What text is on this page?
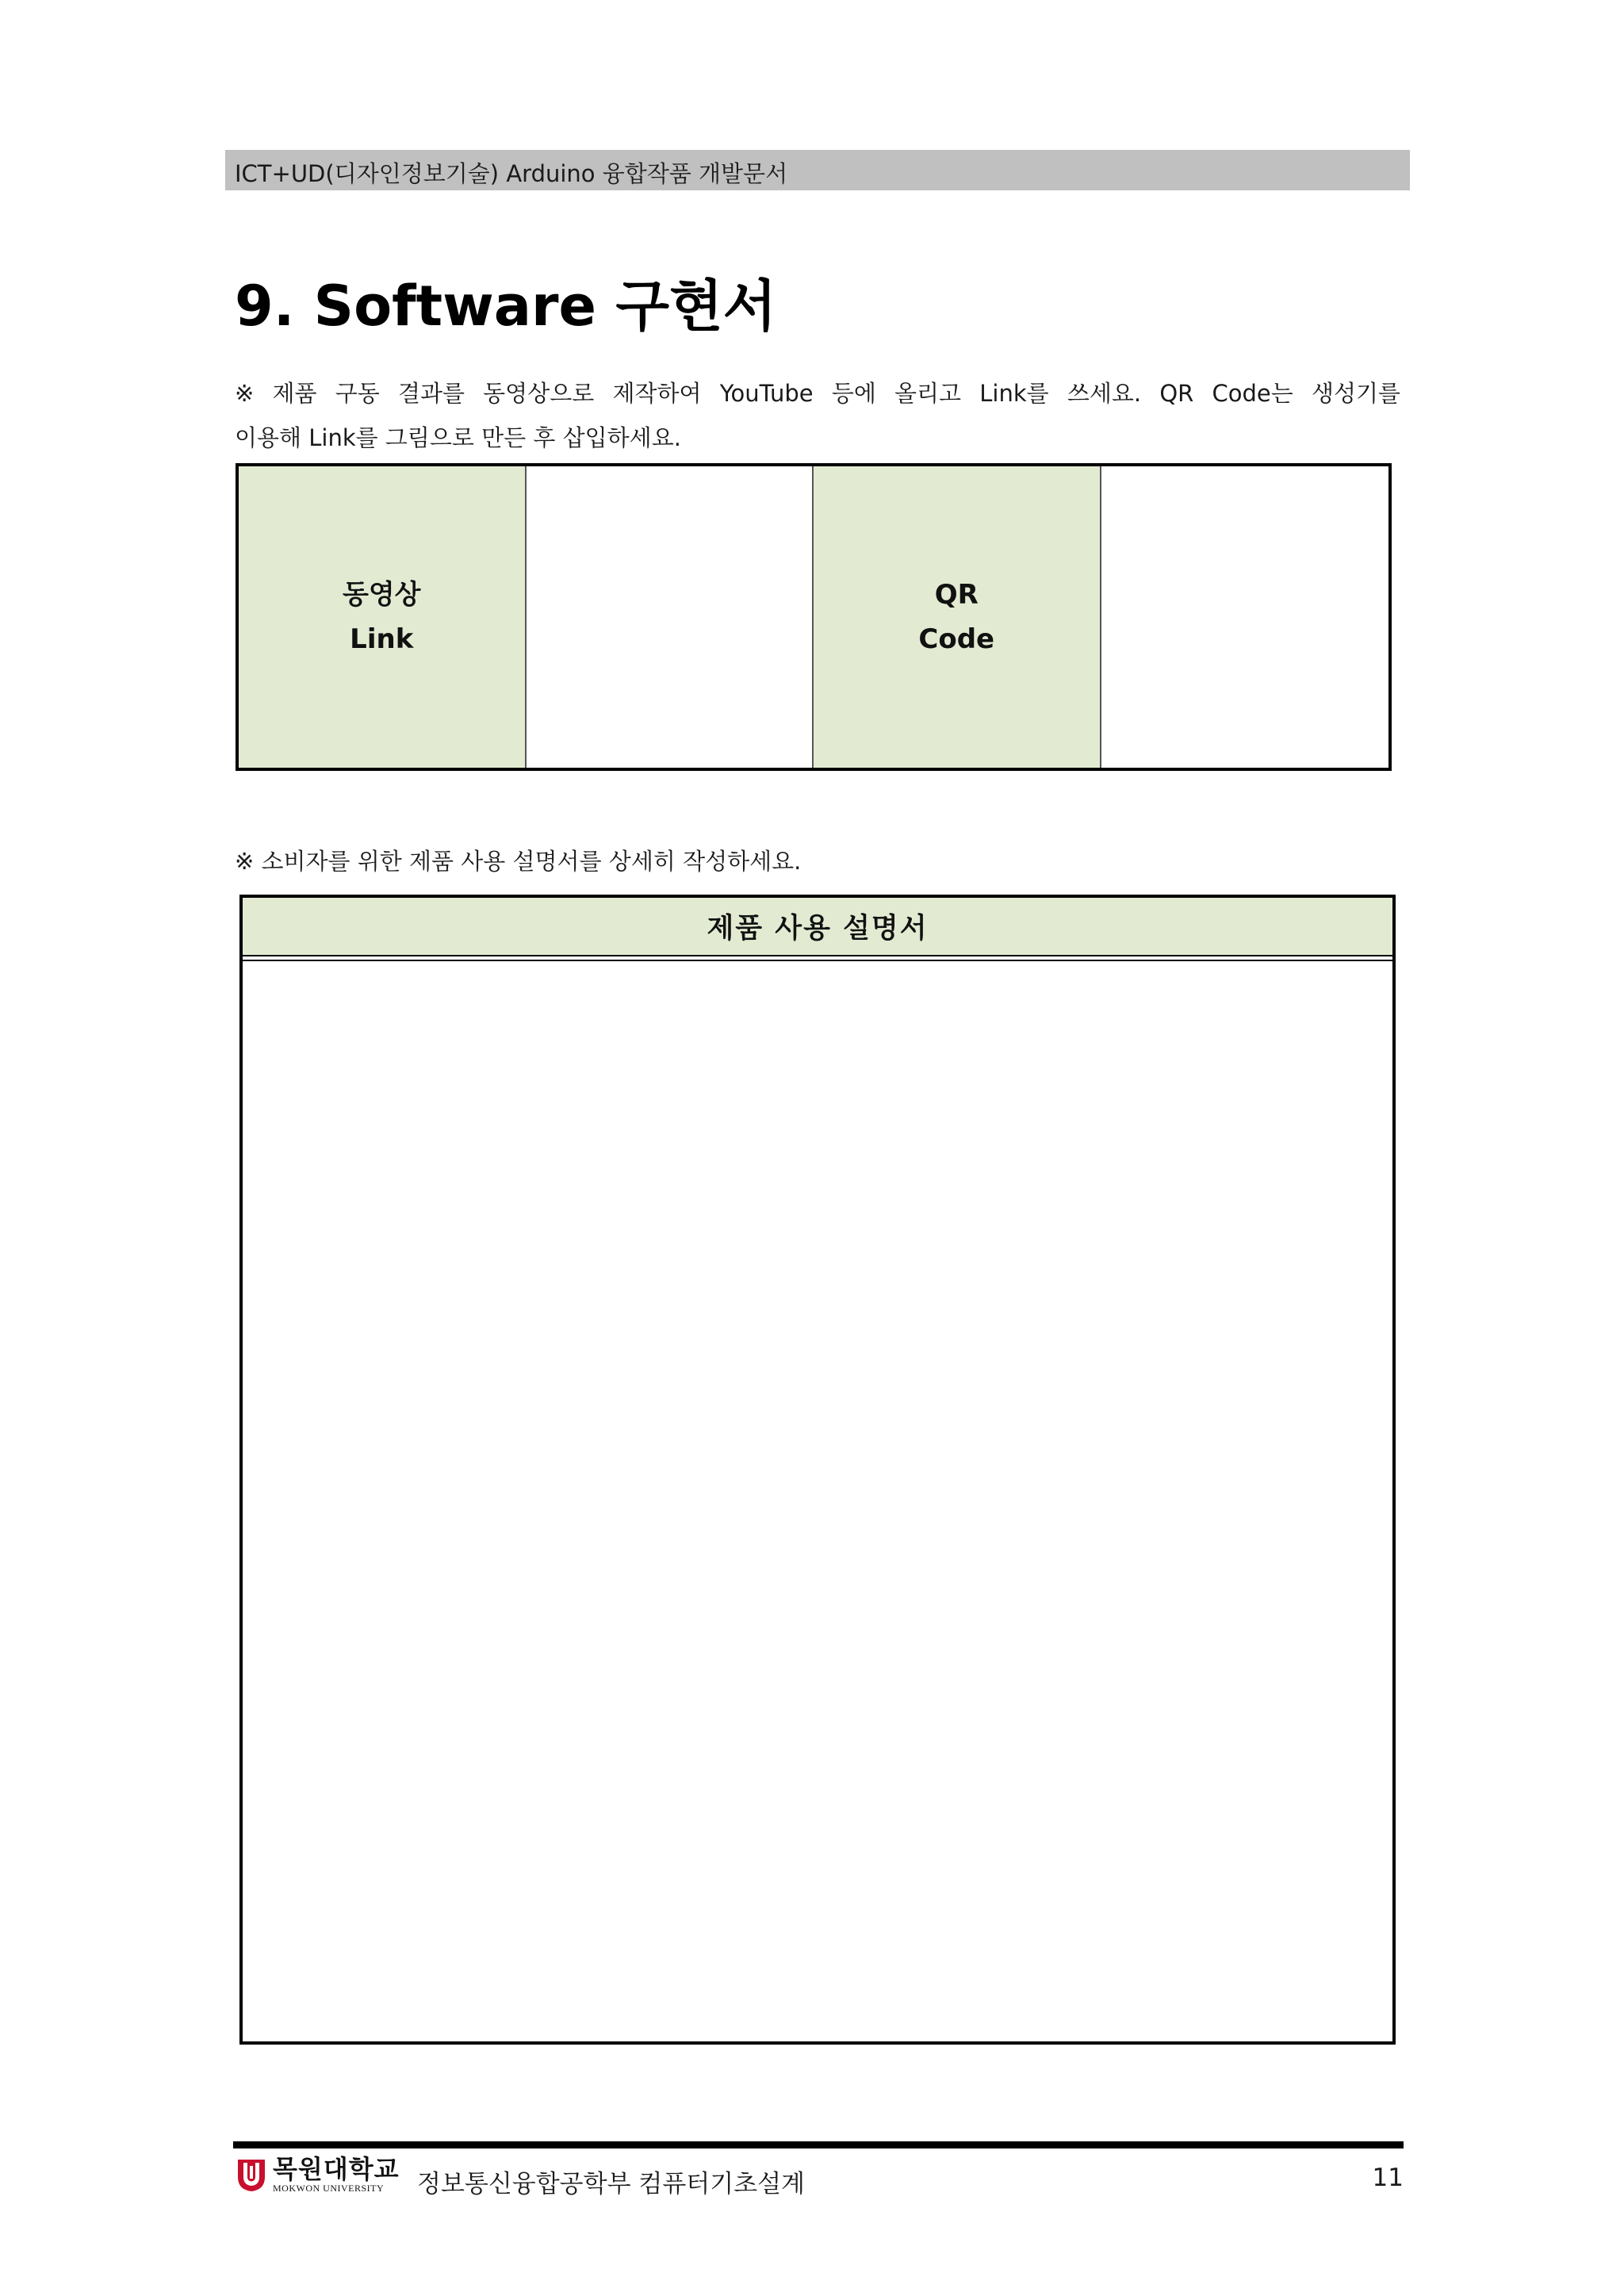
ICT+UD(디자인정보기술) Arduino 융합작품 개발문서
9. Software 구현서
※ 제품 구동 결과를 동영상으로 제작하여 YouTube 등에 올리고 Link를 쓰세요. QR Code는 생성기를
이용해 Link를 그림으로 만든 후 삽입하세요.
동영상
Link
QR
Code
※ 소비자를 위한 제품 사용 설명서를 상세히 작성하세요.
제품 사용 설명서
목원대학교
MOKWON UNIVERSITY	정보통신융합공학부 컴퓨터기초설계	11
